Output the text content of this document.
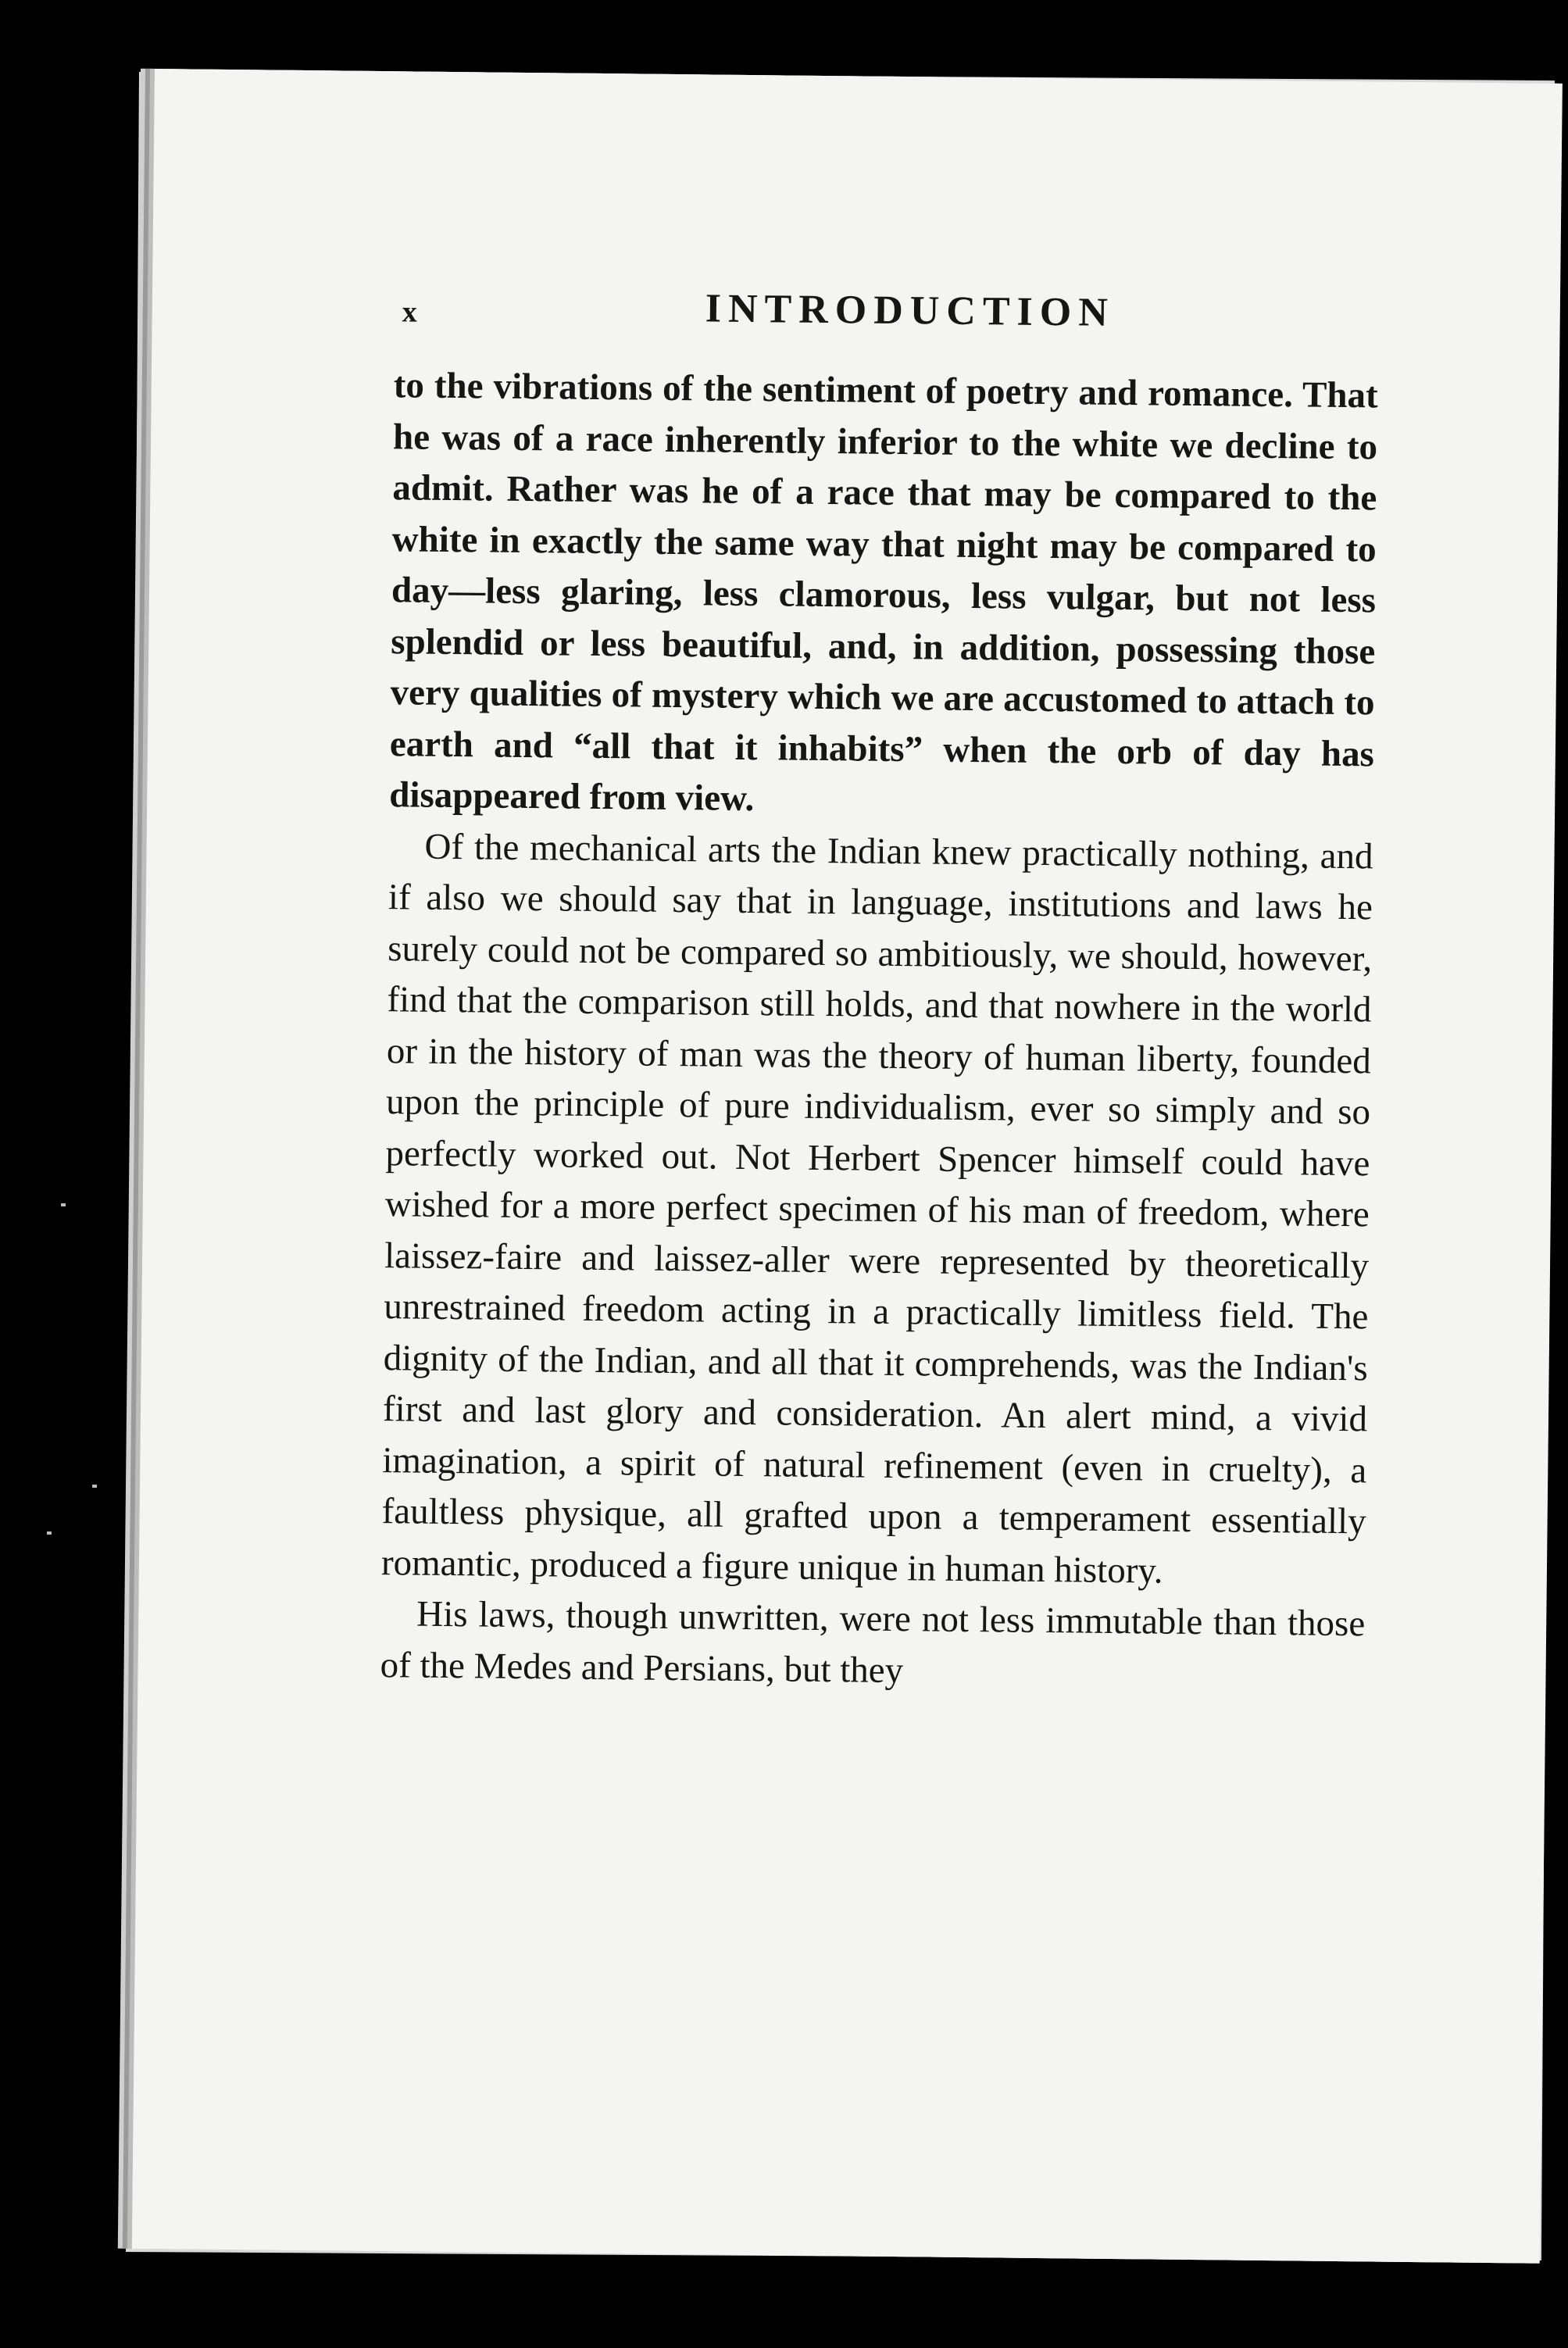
x	INTRODUCTION

to the vibrations of the sentiment of poetry and romance. That he was of a race inherently inferior to the white we decline to admit. Rather was he of a race that may be compared to the white in exactly the same way that night may be compared to day—less glaring, less clamorous, less vulgar, but not less splendid or less beautiful, and, in addition, possessing those very qualities of mystery which we are accustomed to attach to earth and “all that it inhabits” when the orb of day has disappeared from view.

Of the mechanical arts the Indian knew practically nothing, and if also we should say that in language, institutions and laws he surely could not be compared so ambitiously, we should, however, find that the comparison still holds, and that nowhere in the world or in the history of man was the theory of human liberty, founded upon the principle of pure individualism, ever so simply and so perfectly worked out. Not Herbert Spencer himself could have wished for a more perfect specimen of his man of freedom, where laissez-faire and laissez-aller were represented by theoretically unrestrained freedom acting in a practically limitless field. The dignity of the Indian, and all that it comprehends, was the Indian's first and last glory and consideration. An alert mind, a vivid imagination, a spirit of natural refinement (even in cruelty), a faultless physique, all grafted upon a temperament essentially romantic, produced a figure unique in human history.

His laws, though unwritten, were not less immutable than those of the Medes and Persians, but they
